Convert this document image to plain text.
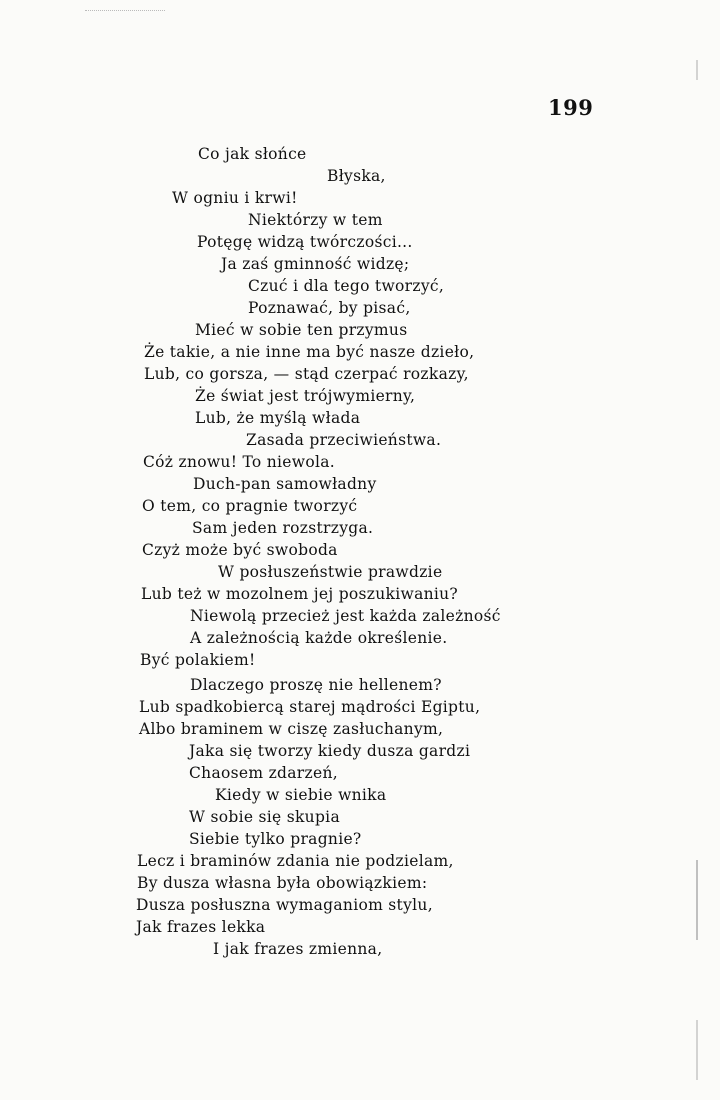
199
Co jak słońce
Błyska,
W ogniu i krwi!
Niektórzy w tem
Potęgę widzą twórczości...
Ja zaś gminność widzę;
Czuć i dla tego tworzyć,
Poznawać, by pisać,
Mieć w sobie ten przymus
Że takie, a nie inne ma być nasze dzieło,
Lub, co gorsza, — stąd czerpać rozkazy,
Że świat jest trójwymierny,
Lub, że myślą włada
Zasada przeciwieństwa.
Cóż znowu! To niewola.
Duch-pan samowładny
O tem, co pragnie tworzyć
Sam jeden rozstrzyga.
Czyż może być swoboda
W posłuszeństwie prawdzie
Lub też w mozolnem jej poszukiwaniu?
Niewolą przecież jest każda zależność
A zależnością każde określenie.
Być polakiem!
Dlaczego proszę nie hellenem?
Lub spadkobiercą starej mądrości Egiptu,
Albo braminem w ciszę zasłuchanym,
Jaka się tworzy kiedy dusza gardzi
Chaosem zdarzeń,
Kiedy w siebie wnika
W sobie się skupia
Siebie tylko pragnie?
Lecz i braminów zdania nie podzielam,
By dusza własna była obowiązkiem:
Dusza posłuszna wymaganiom stylu,
Jak frazes lekka
I jak frazes zmienna,
